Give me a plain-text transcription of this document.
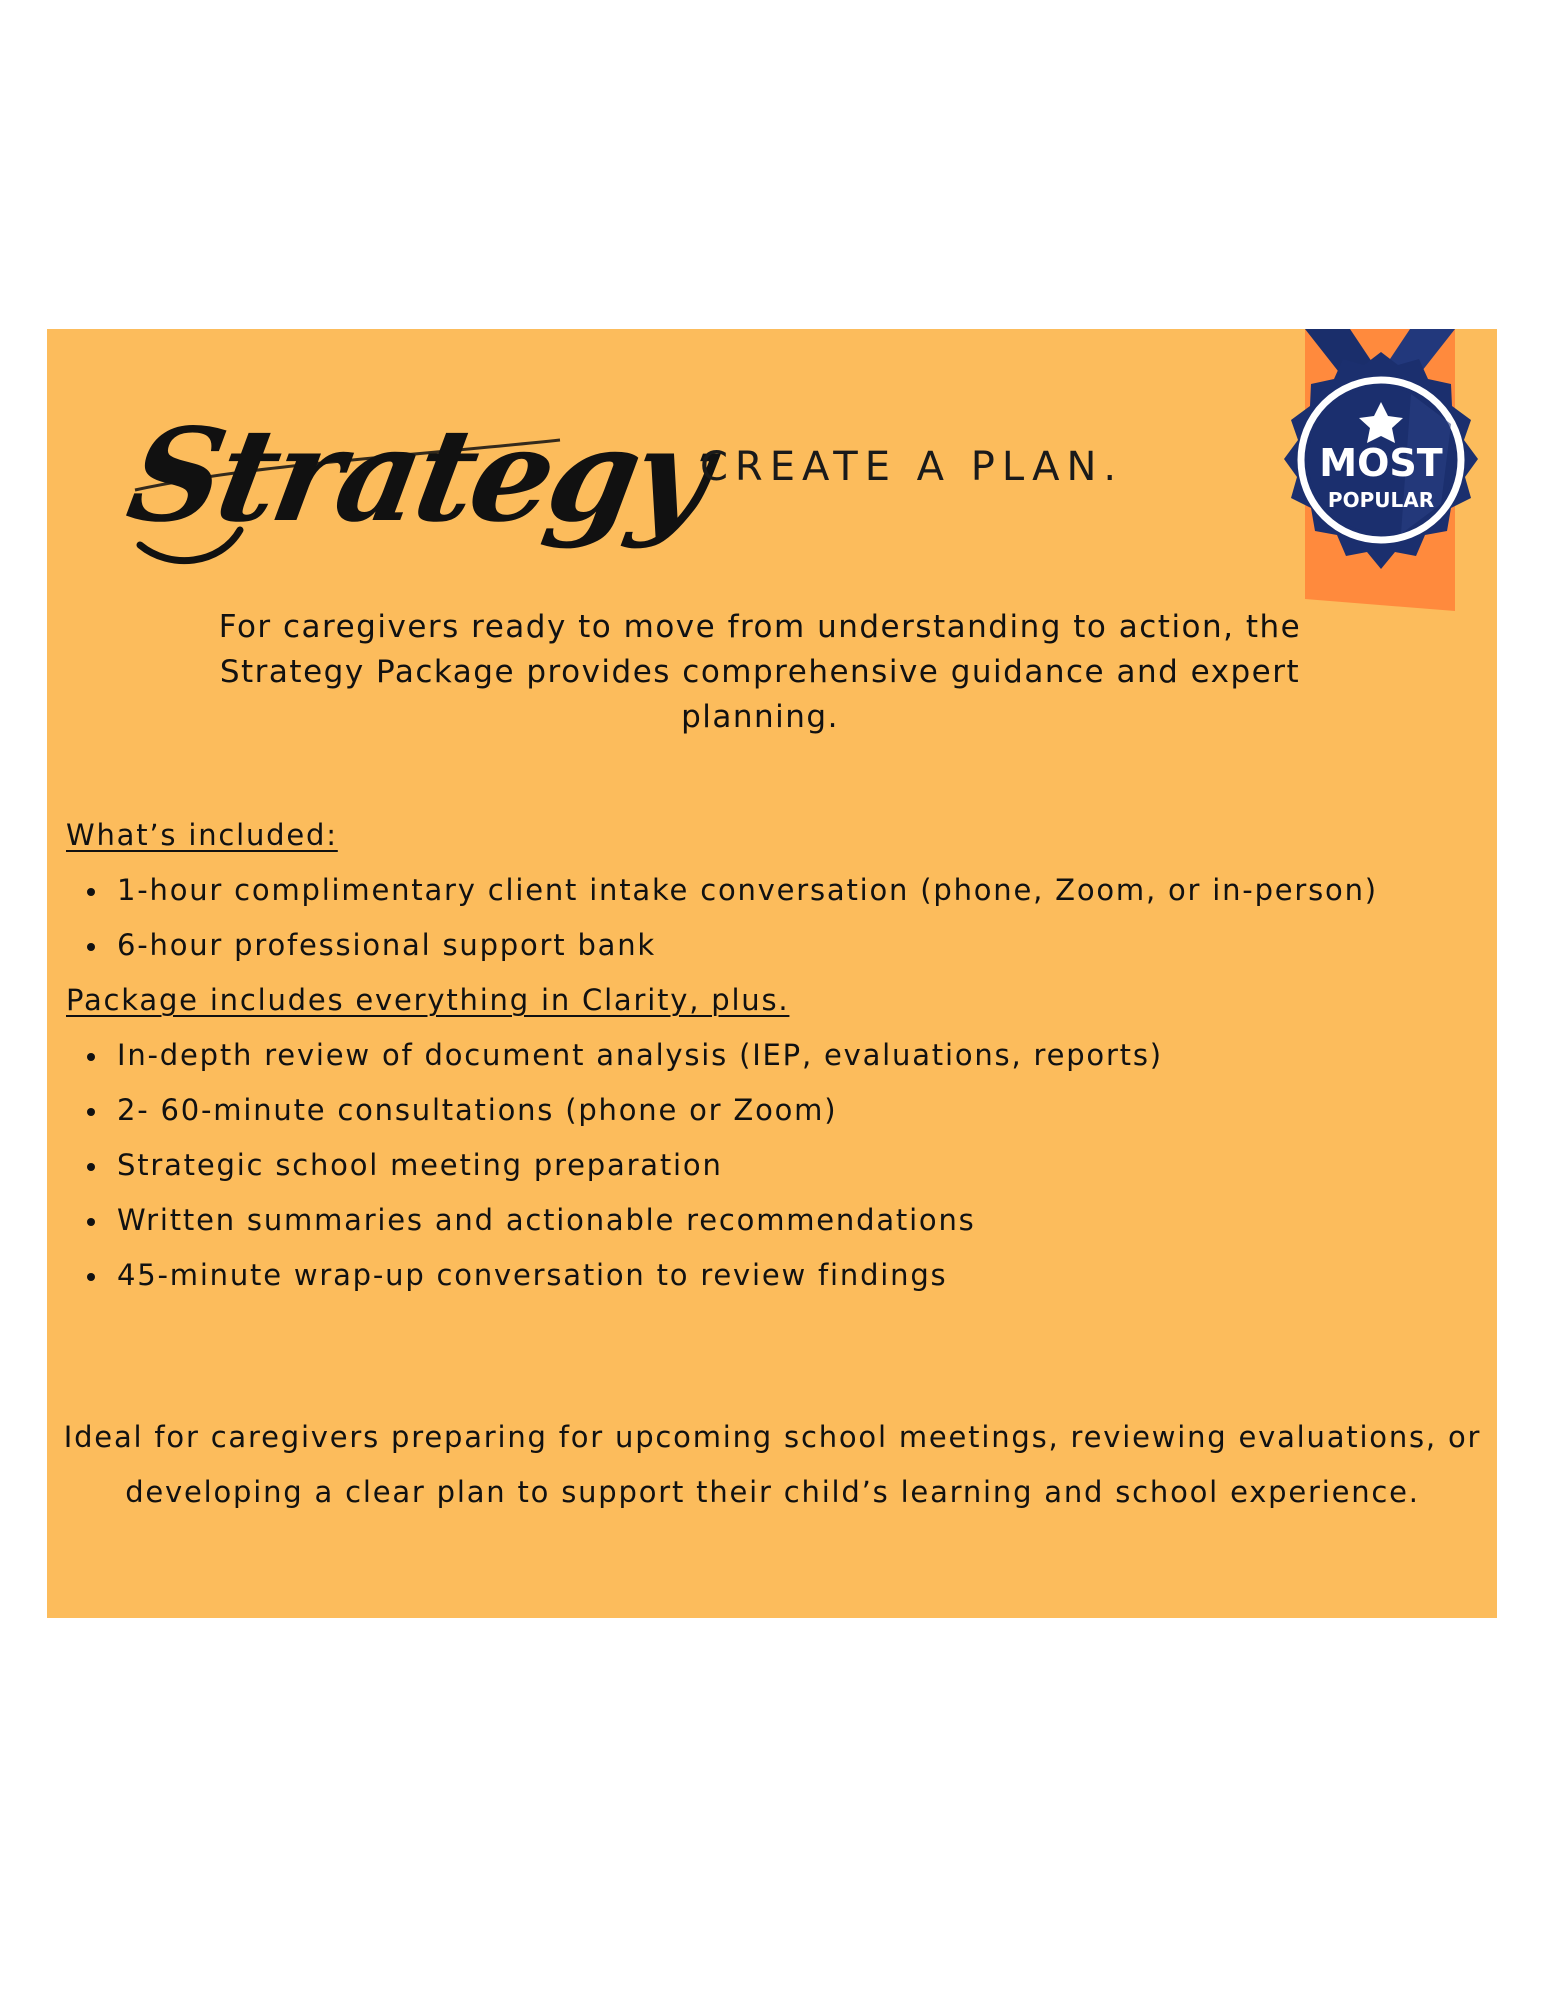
Strategy
CREATE A PLAN.	MOST
POPULAR
For caregivers ready to move from understanding to action, the Strategy Package provides comprehensive guidance and expert planning.
What’s included:
1-hour complimentary client intake conversation (phone, Zoom, or in-person)
6-hour professional support bank
Package includes everything in Clarity, plus.
In-depth review of document analysis (IEP, evaluations, reports)
2- 60-minute consultations (phone or Zoom)
Strategic school meeting preparation
Written summaries and actionable recommendations
45-minute wrap-up conversation to review findings
Ideal for caregivers preparing for upcoming school meetings, reviewing evaluations, or developing a clear plan to support their child’s learning and school experience.
